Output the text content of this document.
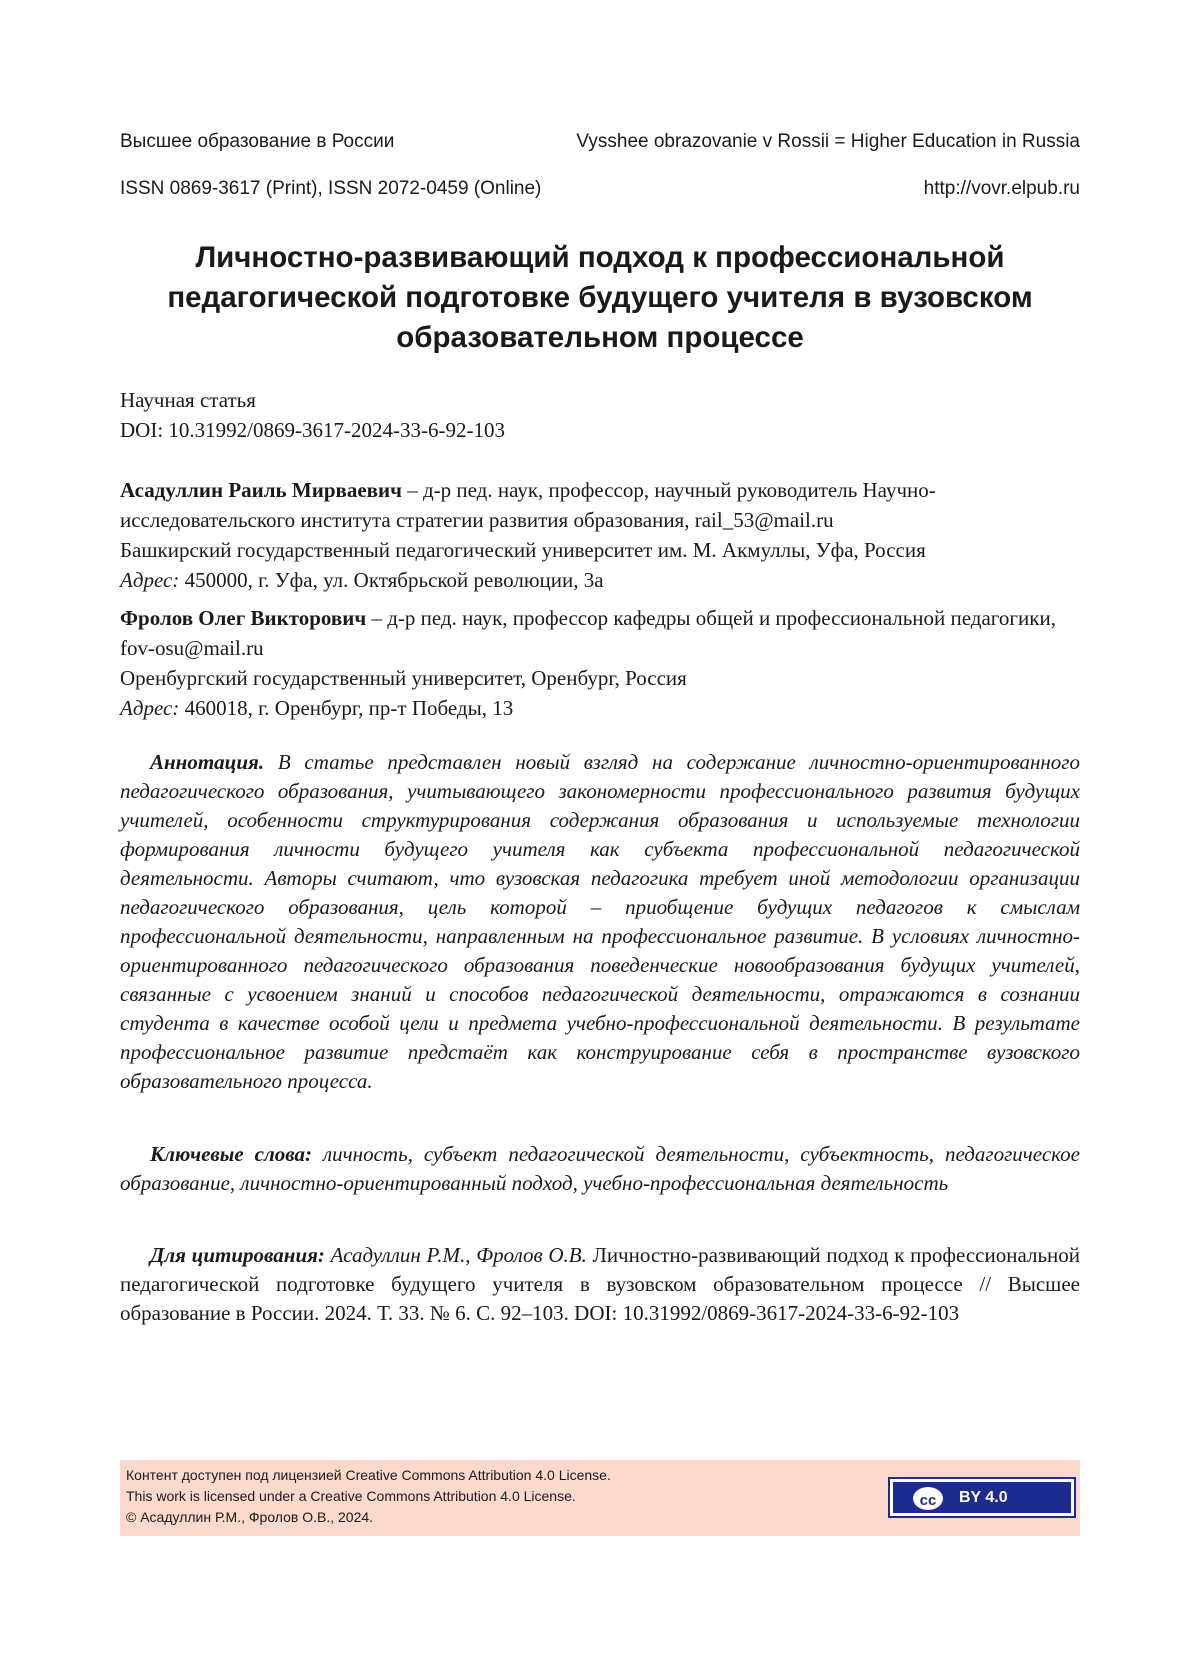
Высшее образование в России	Vysshee obrazovanie v Rossii = Higher Education in Russia
ISSN 0869-3617 (Print), ISSN 2072-0459 (Online)	http://vovr.elpub.ru
Личностно-развивающий подход к профессиональной педагогической подготовке будущего учителя в вузовском образовательном процессе
Научная статья
DOI: 10.31992/0869-3617-2024-33-6-92-103
Асадуллин Раиль Мирваевич – д-р пед. наук, профессор, научный руководитель Научно-исследовательского института стратегии развития образования, rail_53@mail.ru
Башкирский государственный педагогический университет им. М. Акмуллы, Уфа, Россия
Адрес: 450000, г. Уфа, ул. Октябрьской революции, 3а
Фролов Олег Викторович – д-р пед. наук, профессор кафедры общей и профессиональной педагогики, fov-osu@mail.ru
Оренбургский государственный университет, Оренбург, Россия
Адрес: 460018, г. Оренбург, пр-т Победы, 13
Аннотация. В статье представлен новый взгляд на содержание личностно-ориентированного педагогического образования, учитывающего закономерности профессионального развития будущих учителей, особенности структурирования содержания образования и используемые технологии формирования личности будущего учителя как субъекта профессиональной педагогической деятельности. Авторы считают, что вузовская педагогика требует иной методологии организации педагогического образования, цель которой – приобщение будущих педагогов к смыслам профессиональной деятельности, направленным на профессиональное развитие. В условиях личностно-ориентированного педагогического образования поведенческие новообразования будущих учителей, связанные с усвоением знаний и способов педагогической деятельности, отражаются в сознании студента в качестве особой цели и предмета учебно-профессиональной деятельности. В результате профессиональное развитие предстаёт как конструирование себя в пространстве вузовского образовательного процесса.
Ключевые слова: личность, субъект педагогической деятельности, субъектность, педагогическое образование, личностно-ориентированный подход, учебно-профессиональная деятельность
Для цитирования: Асадуллин Р.М., Фролов О.В. Личностно-развивающий подход к профессиональной педагогической подготовке будущего учителя в вузовском образовательном процессе // Высшее образование в России. 2024. Т. 33. № 6. С. 92–103. DOI: 10.31992/0869-3617-2024-33-6-92-103
Контент доступен под лицензией Creative Commons Attribution 4.0 License.
This work is licensed under a Creative Commons Attribution 4.0 License.
© Асадуллин Р.М., Фролов О.В., 2024.
cc	BY 4.0
